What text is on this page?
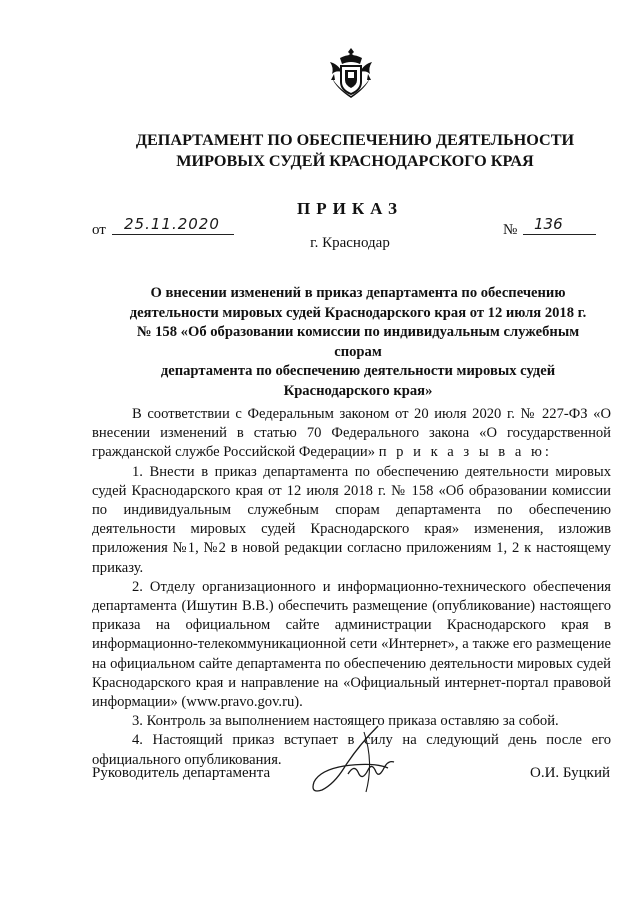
ДЕПАРТАМЕНТ ПО ОБЕСПЕЧЕНИЮ ДЕЯТЕЛЬНОСТИ
МИРОВЫХ СУДЕЙ КРАСНОДАРСКОГО КРАЯ
ПРИКАЗ
от 25.11.2020	№ 136
г. Краснодар
О внесении изменений в приказ департамента по обеспечению
деятельности мировых судей Краснодарского края от 12 июля 2018 г.
№ 158 «Об образовании комиссии по индивидуальным служебным спорам
департамента по обеспечению деятельности мировых судей
Краснодарского края»

В соответствии с Федеральным законом от 20 июля 2020 г. № 227-ФЗ «О внесении изменений в статью 70 Федерального закона «О государственной гражданской службе Российской Федерации» п р и к а з ы в а ю:

1. Внести в приказ департамента по обеспечению деятельности мировых судей Краснодарского края от 12 июля 2018 г. № 158 «Об образовании комиссии по индивидуальным служебным спорам департамента по обеспечению деятельности мировых судей Краснодарского края» изменения, изложив приложения №1, №2 в новой редакции согласно приложениям 1, 2 к настоящему приказу.

2. Отделу организационного и информационно-технического обеспечения департамента (Ишутин В.В.) обеспечить размещение (опубликование) настоящего приказа на официальном сайте администрации Краснодарского края в информационно-телекоммуникационной сети «Интернет», а также его размещение на официальном сайте департамента по обеспечению деятельности мировых судей Краснодарского края и направление на «Официальный интернет-портал правовой информации» (www.pravo.gov.ru).

3. Контроль за выполнением настоящего приказа оставляю за собой.

4. Настоящий приказ вступает в силу на следующий день после его официального опубликования.

Руководитель департамента	О.И. Буцкий
